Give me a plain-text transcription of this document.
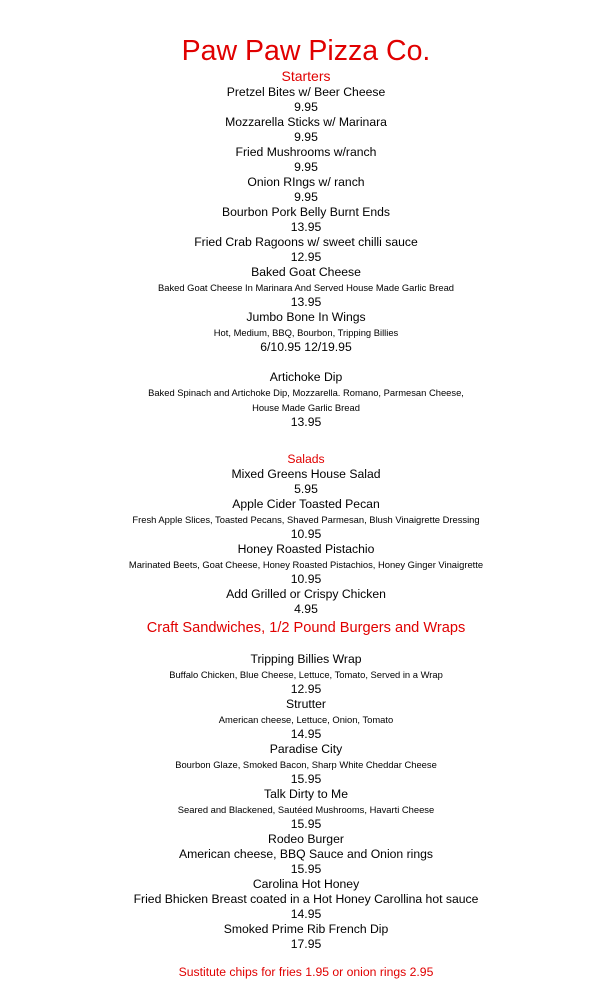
Paw Paw Pizza Co.
Starters
Pretzel Bites w/ Beer Cheese
9.95
Mozzarella Sticks w/ Marinara
9.95
Fried Mushrooms w/ranch
9.95
Onion RIngs w/ ranch
9.95
Bourbon Pork Belly Burnt Ends
13.95
Fried Crab Ragoons w/ sweet chilli sauce
12.95
Baked Goat Cheese
Baked Goat Cheese In Marinara And Served House Made Garlic Bread
13.95
Jumbo Bone In Wings
Hot, Medium, BBQ, Bourbon, Tripping Billies
6/10.95 12/19.95
Artichoke Dip
Baked Spinach and Artichoke Dip, Mozzarella. Romano, Parmesan Cheese,
House Made Garlic Bread
13.95
Salads
Mixed Greens House Salad
5.95
Apple Cider Toasted Pecan
Fresh Apple Slices, Toasted Pecans, Shaved Parmesan, Blush Vinaigrette Dressing
10.95
Honey Roasted Pistachio
Marinated Beets, Goat Cheese, Honey Roasted Pistachios, Honey Ginger Vinaigrette
10.95
Add Grilled or Crispy Chicken
4.95
Craft Sandwiches, 1/2 Pound Burgers and Wraps
Tripping Billies Wrap
Buffalo Chicken, Blue Cheese, Lettuce, Tomato, Served in a Wrap
12.95
Strutter
American cheese, Lettuce, Onion, Tomato
14.95
Paradise City
Bourbon Glaze, Smoked Bacon, Sharp White Cheddar Cheese
15.95
Talk Dirty to Me
Seared and Blackened, Sautéed Mushrooms, Havarti Cheese
15.95
Rodeo Burger
American cheese, BBQ Sauce and Onion rings
15.95
Carolina Hot Honey
Fried Bhicken Breast coated in a Hot Honey Carollina hot sauce
14.95
Smoked Prime Rib French Dip
17.95
Sustitute chips for fries 1.95 or onion rings 2.95
